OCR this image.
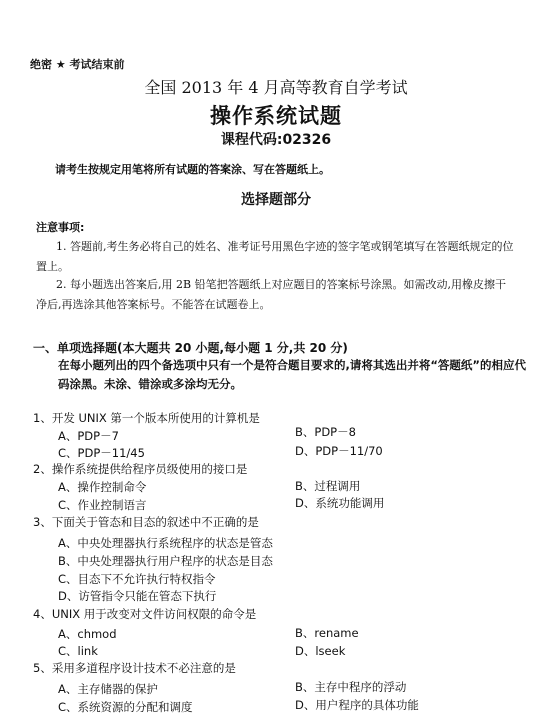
绝密 ★ 考试结束前
全国 2013 年 4 月高等教育自学考试
操作系统试题
课程代码:02326
请考生按规定用笔将所有试题的答案涂、写在答题纸上。
选择题部分
注意事项:
1. 答题前,考生务必将自己的姓名、准考证号用黑色字迹的签字笔或钢笔填写在答题纸规定的位置上。
2. 每小题选出答案后,用 2B 铅笔把答题纸上对应题目的答案标号涂黑。如需改动,用橡皮擦干净后,再选涂其他答案标号。不能答在试题卷上。
一、单项选择题(本大题共 20 小题,每小题 1 分,共 20 分)
在每小题列出的四个备选项中只有一个是符合题目要求的,请将其选出并将“答题纸”的相应代码涂黑。未涂、错涂或多涂均无分。
1、开发 UNIX 第一个版本所使用的计算机是
A、PDP－7	B、PDP－8
C、PDP－11/45	D、PDP－11/70
2、操作系统提供给程序员级使用的接口是
A、操作控制命令	B、过程调用
C、作业控制语言	D、系统功能调用
3、下面关于管态和目态的叙述中不正确的是
A、中央处理器执行系统程序的状态是管态
B、中央处理器执行用户程序的状态是目态
C、目态下不允许执行特权指令
D、访管指令只能在管态下执行
4、UNIX 用于改变对文件访问权限的命令是
A、chmod	B、rename
C、link	D、lseek
5、采用多道程序设计技术不必注意的是
A、主存储器的保护	B、主存中程序的浮动
C、系统资源的分配和调度	D、用户程序的具体功能
